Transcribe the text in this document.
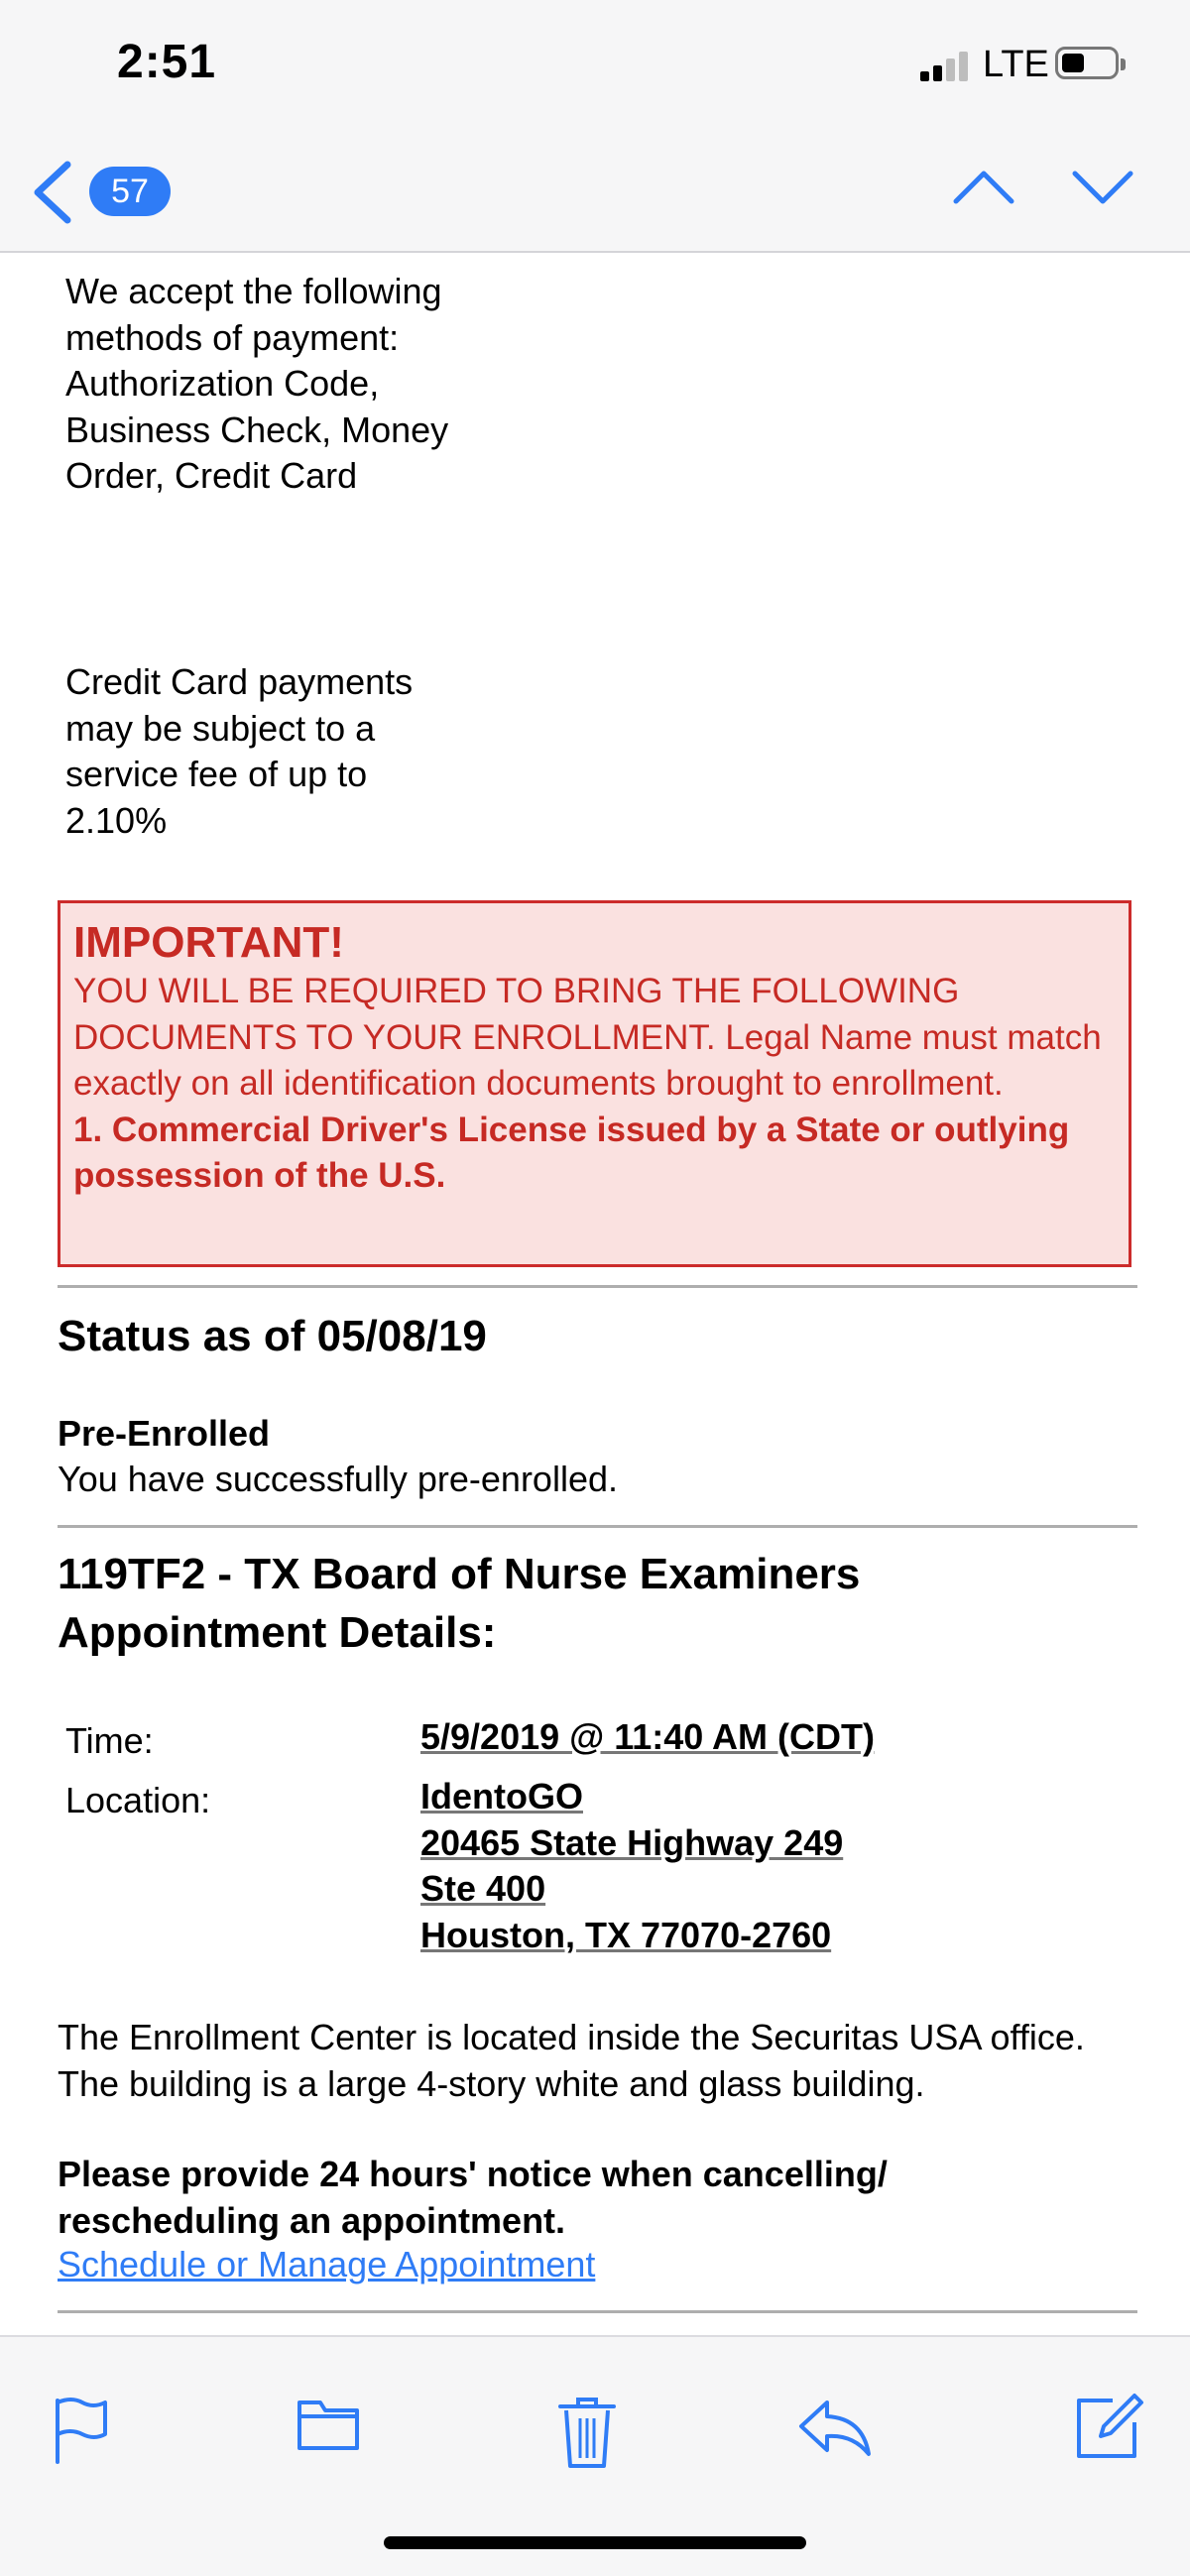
2:51	LTE
57

We accept the following methods of payment: Authorization Code, Business Check, Money Order, Credit Card

Credit Card payments may be subject to a service fee of up to 2.10%

IMPORTANT!

YOU WILL BE REQUIRED TO BRING THE FOLLOWING DOCUMENTS TO YOUR ENROLLMENT. Legal Name must match exactly on all identification documents brought to enrollment.

1. Commercial Driver's License issued by a State or outlying possession of the U.S.

Status as of 05/08/19
Pre-Enrolled
You have successfully pre-enrolled.
119TF2 - TX Board of Nurse Examiners
Appointment Details:
Time:	5/9/2019 @ 11:40 AM (CDT)
Location:	IdentoGO
20465 State Highway 249
Ste 400
Houston, TX 77070-2760

The Enrollment Center is located inside the Securitas USA office. The building is a large 4-story white and glass building.

Please provide 24 hours' notice when cancelling/ rescheduling an appointment.

Schedule or Manage Appointment
